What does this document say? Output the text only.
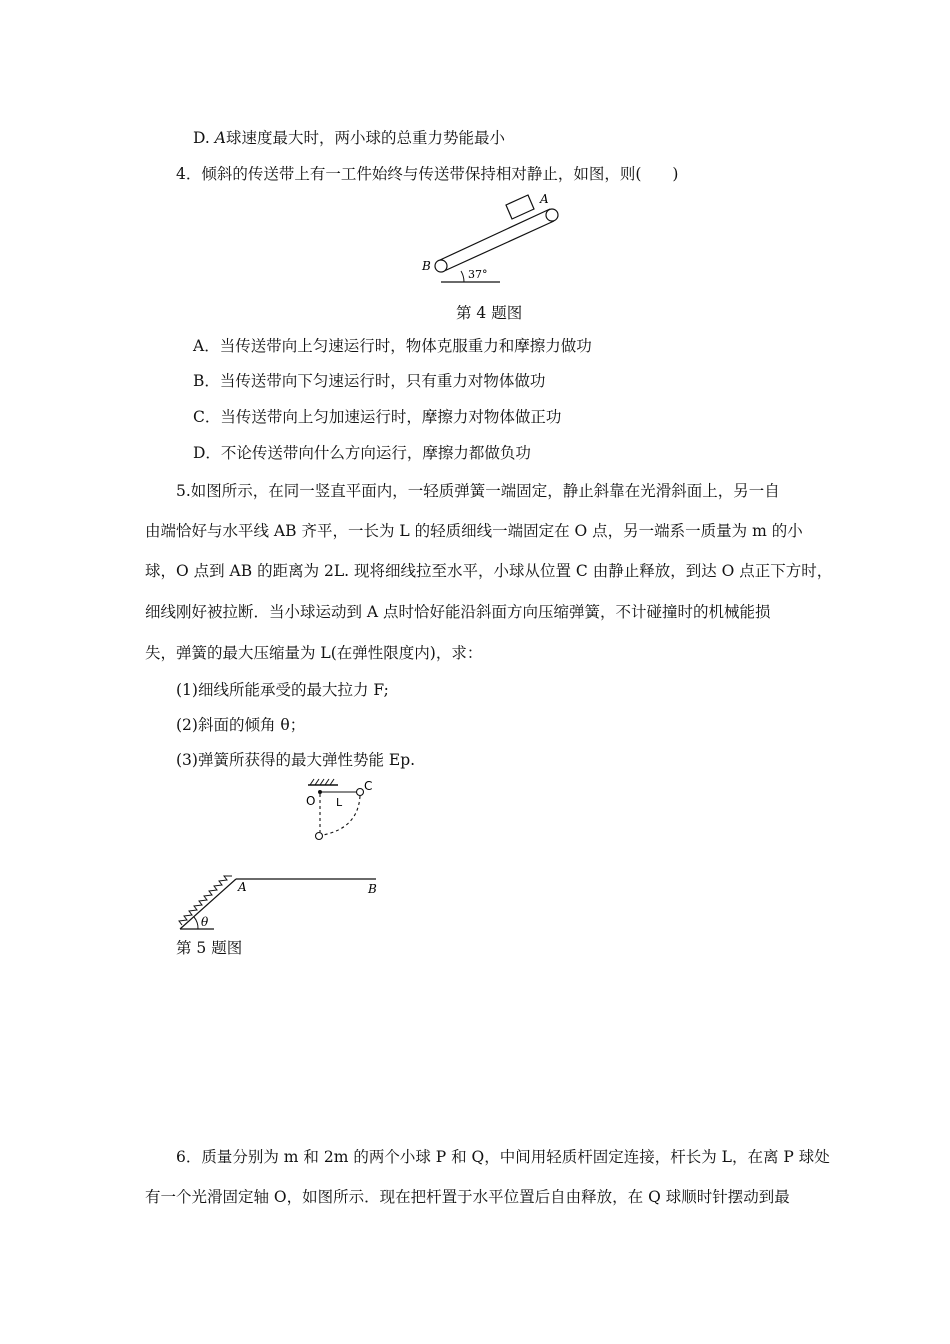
D. A球速度最大时，两小球的总重力势能最小
4．倾斜的传送带上有一工件始终与传送带保持相对静止，如图，则(　　)
37°
A
B
第 4 题图
A．当传送带向上匀速运行时，物体克服重力和摩擦力做功
B．当传送带向下匀速运行时，只有重力对物体做功
C．当传送带向上匀加速运行时，摩擦力对物体做正功
D．不论传送带向什么方向运行，摩擦力都做负功
5.如图所示，在同一竖直平面内，一轻质弹簧一端固定，静止斜靠在光滑斜面上，另一自
由端恰好与水平线 AB 齐平，一长为 L 的轻质细线一端固定在 O 点，另一端系一质量为 m 的小
球，O 点到 AB 的距离为 2L. 现将细线拉至水平，小球从位置 C 由静止释放，到达 O 点正下方时，
细线刚好被拉断．当小球运动到 A 点时恰好能沿斜面方向压缩弹簧，不计碰撞时的机械能损
失，弹簧的最大压缩量为 L(在弹性限度内)，求：
(1)细线所能承受的最大拉力 F;
(2)斜面的倾角 θ；
(3)弹簧所获得的最大弹性势能 Ep.
O L
C
A	B
θ
第 5 题图
6．质量分别为 m 和 2m 的两个小球 P 和 Q，中间用轻质杆固定连接，杆长为 L，在离 P 球处
有一个光滑固定轴 O，如图所示．现在把杆置于水平位置后自由释放，在 Q 球顺时针摆动到最
